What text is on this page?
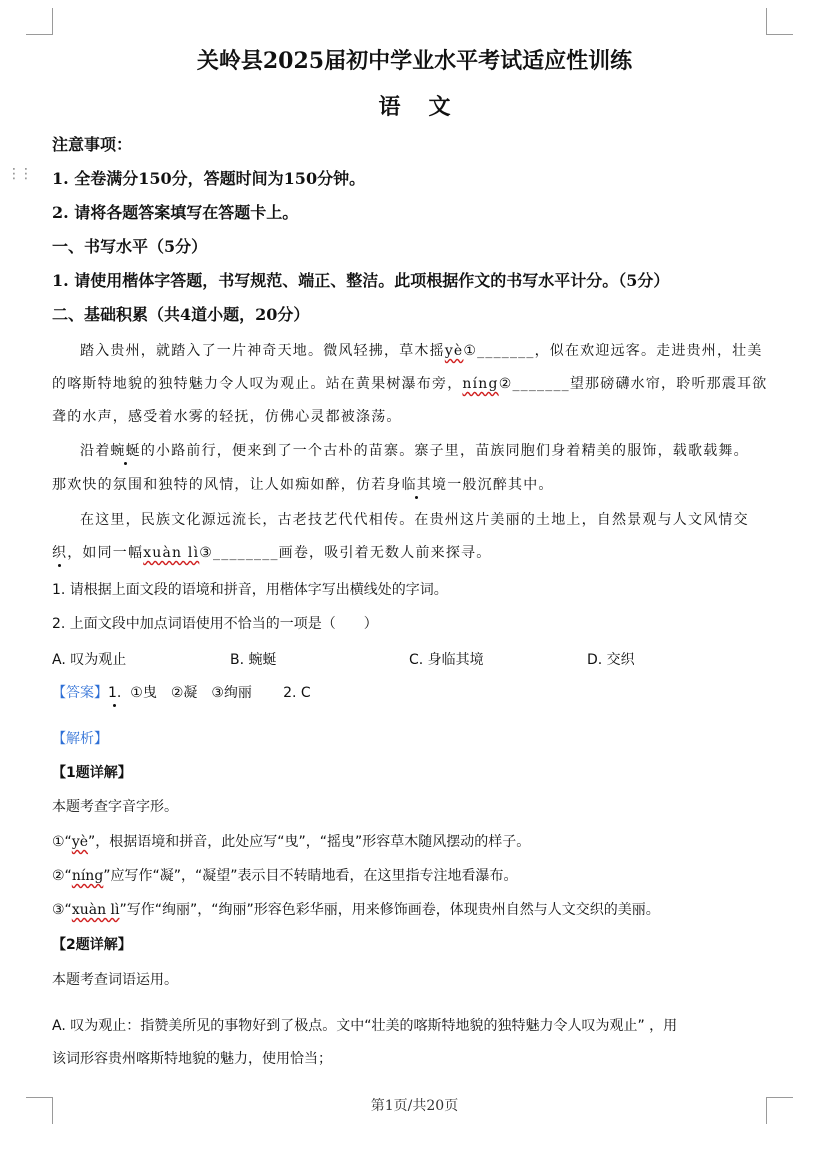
⋮⋮
关岭县2025届初中学业水平考试适应性训练
语文
注意事项：
1. 全卷满分150分，答题时间为150分钟。
2. 请将各题答案填写在答题卡上。
一、书写水平（5分）
1. 请使用楷体字答题，书写规范、端正、整洁。此项根据作文的书写水平计分。（5分）
二、基础积累（共4道小题，20分）
踏入贵州，就踏入了一片神奇天地。微风轻拂，草木摇yè①_______，似在欢迎远客。走进贵州，壮美
的喀斯特地貌的独特魅力令人叹为观止。站在黄果树瀑布旁，níng②_______望那磅礴水帘，聆听那震耳欲
聋的水声，感受着水雾的轻抚，仿佛心灵都被涤荡。
沿着蜿蜒的小路前行，便来到了一个古朴的苗寨。寨子里，苗族同胞们身着精美的服饰，载歌载舞。
那欢快的氛围和独特的风情，让人如痴如醉，仿若身临其境一般沉醉其中。
在这里，民族文化源远流长，古老技艺代代相传。在贵州这片美丽的土地上，自然景观与人文风情交
织，如同一幅xuàn lì③________画卷，吸引着无数人前来探寻。
1. 请根据上面文段的语境和拼音，用楷体字写出横线处的字词。
2. 上面文段中加点词语使用不恰当的一项是（　　）
A. 叹为观止	B. 蜿蜒	C. 身临其境	D. 交织
【答案】1. ①曳　②凝　③绚丽 2. C
【解析】
【1题详解】
本题考查字音字形。
①“yè”，根据语境和拼音，此处应写“曳”，“摇曳”形容草木随风摆动的样子。
②“níng”应写作“凝”，“凝望”表示目不转睛地看，在这里指专注地看瀑布。
③“xuàn lì”写作“绚丽”，“绚丽”形容色彩华丽，用来修饰画卷，体现贵州自然与人文交织的美丽。
【2题详解】
本题考查词语运用。
A. 叹为观止：指赞美所见的事物好到了极点。文中“壮美的喀斯特地貌的独特魅力令人叹为观止” ，用
该词形容贵州喀斯特地貌的魅力，使用恰当；
第1页/共20页
